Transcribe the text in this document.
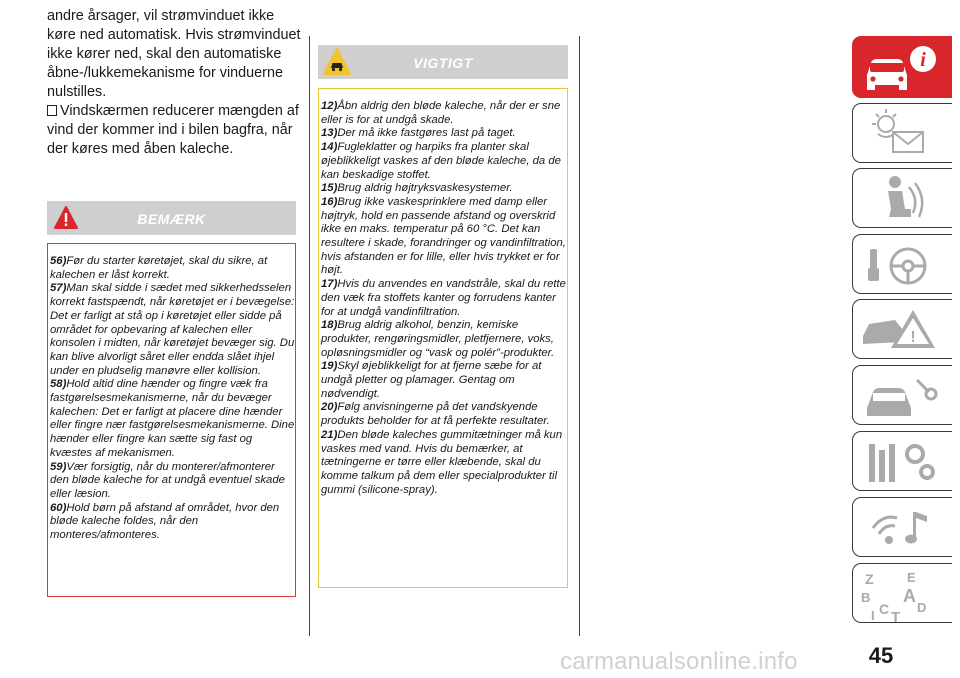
andre årsager, vil strømvinduet ikke køre ned automatisk. Hvis strømvinduet ikke kører ned, skal den automatiske åbne-/lukkemekanisme for vinduerne nulstilles.

Vindskærmen reducerer mængden af vind der kommer ind i bilen bagfra, når der køres med åben kaleche.

BEMÆRK

56)Før du starter køretøjet, skal du sikre, at kalechen er låst korrekt.

57)Man skal sidde i sædet med sikkerhedsselen korrekt fastspændt, når køretøjet er i bevægelse: Det er farligt at stå op i køretøjet eller sidde på området for opbevaring af kalechen eller konsolen i midten, når køretøjet bevæger sig. Du kan blive alvorligt såret eller endda slået ihjel under en pludselig manøvre eller kollision.

58)Hold altid dine hænder og fingre væk fra fastgørelsesmekanismerne, når du bevæger kalechen: Det er farligt at placere dine hænder eller fingre nær fastgørelsesmekanismerne. Dine hænder eller fingre kan sætte sig fast og kvæstes af mekanismen.

59)Vær forsigtig, når du monterer/afmonterer den bløde kaleche for at undgå eventuel skade eller læsion.

60)Hold børn på afstand af området, hvor den bløde kaleche foldes, når den monteres/afmonteres.

VIGTIGT

12)Åbn aldrig den bløde kaleche, når der er sne eller is for at undgå skade.

13)Der må ikke fastgøres last på taget.

14)Fugleklatter og harpiks fra planter skal øjeblikkeligt vaskes af den bløde kaleche, da de kan beskadige stoffet.

15)Brug aldrig højtryksvaskesystemer.

16)Brug ikke vaskesprinklere med damp eller højtryk, hold en passende afstand og overskrid ikke en maks. temperatur på 60 °C. Det kan resultere i skade, forandringer og vandinfiltration, hvis afstanden er for lille, eller hvis trykket er for højt.

17)Hvis du anvendes en vandstråle, skal du rette den væk fra stoffets kanter og forrudens kanter for at undgå vandinfiltration.

18)Brug aldrig alkohol, benzin, kemiske produkter, rengøringsmidler, pletfjernere, voks, opløsningsmidler og “vask og polér”-produkter.

19)Skyl øjeblikkeligt for at fjerne sæbe for at undgå pletter og plamager. Gentag om nødvendigt.

20)Følg anvisningerne på det vandskyende produkts beholder for at få perfekte resultater.

21)Den bløde kaleches gummitætninger må kun vaskes med vand. Hvis du bemærker, at tætningerne er tørre eller klæbende, skal du komme talkum på dem eller specialprodukter til gummi (silicone-spray).

i
!
Z	E
B A
C D
T
I
45
carmanualsonline.info
